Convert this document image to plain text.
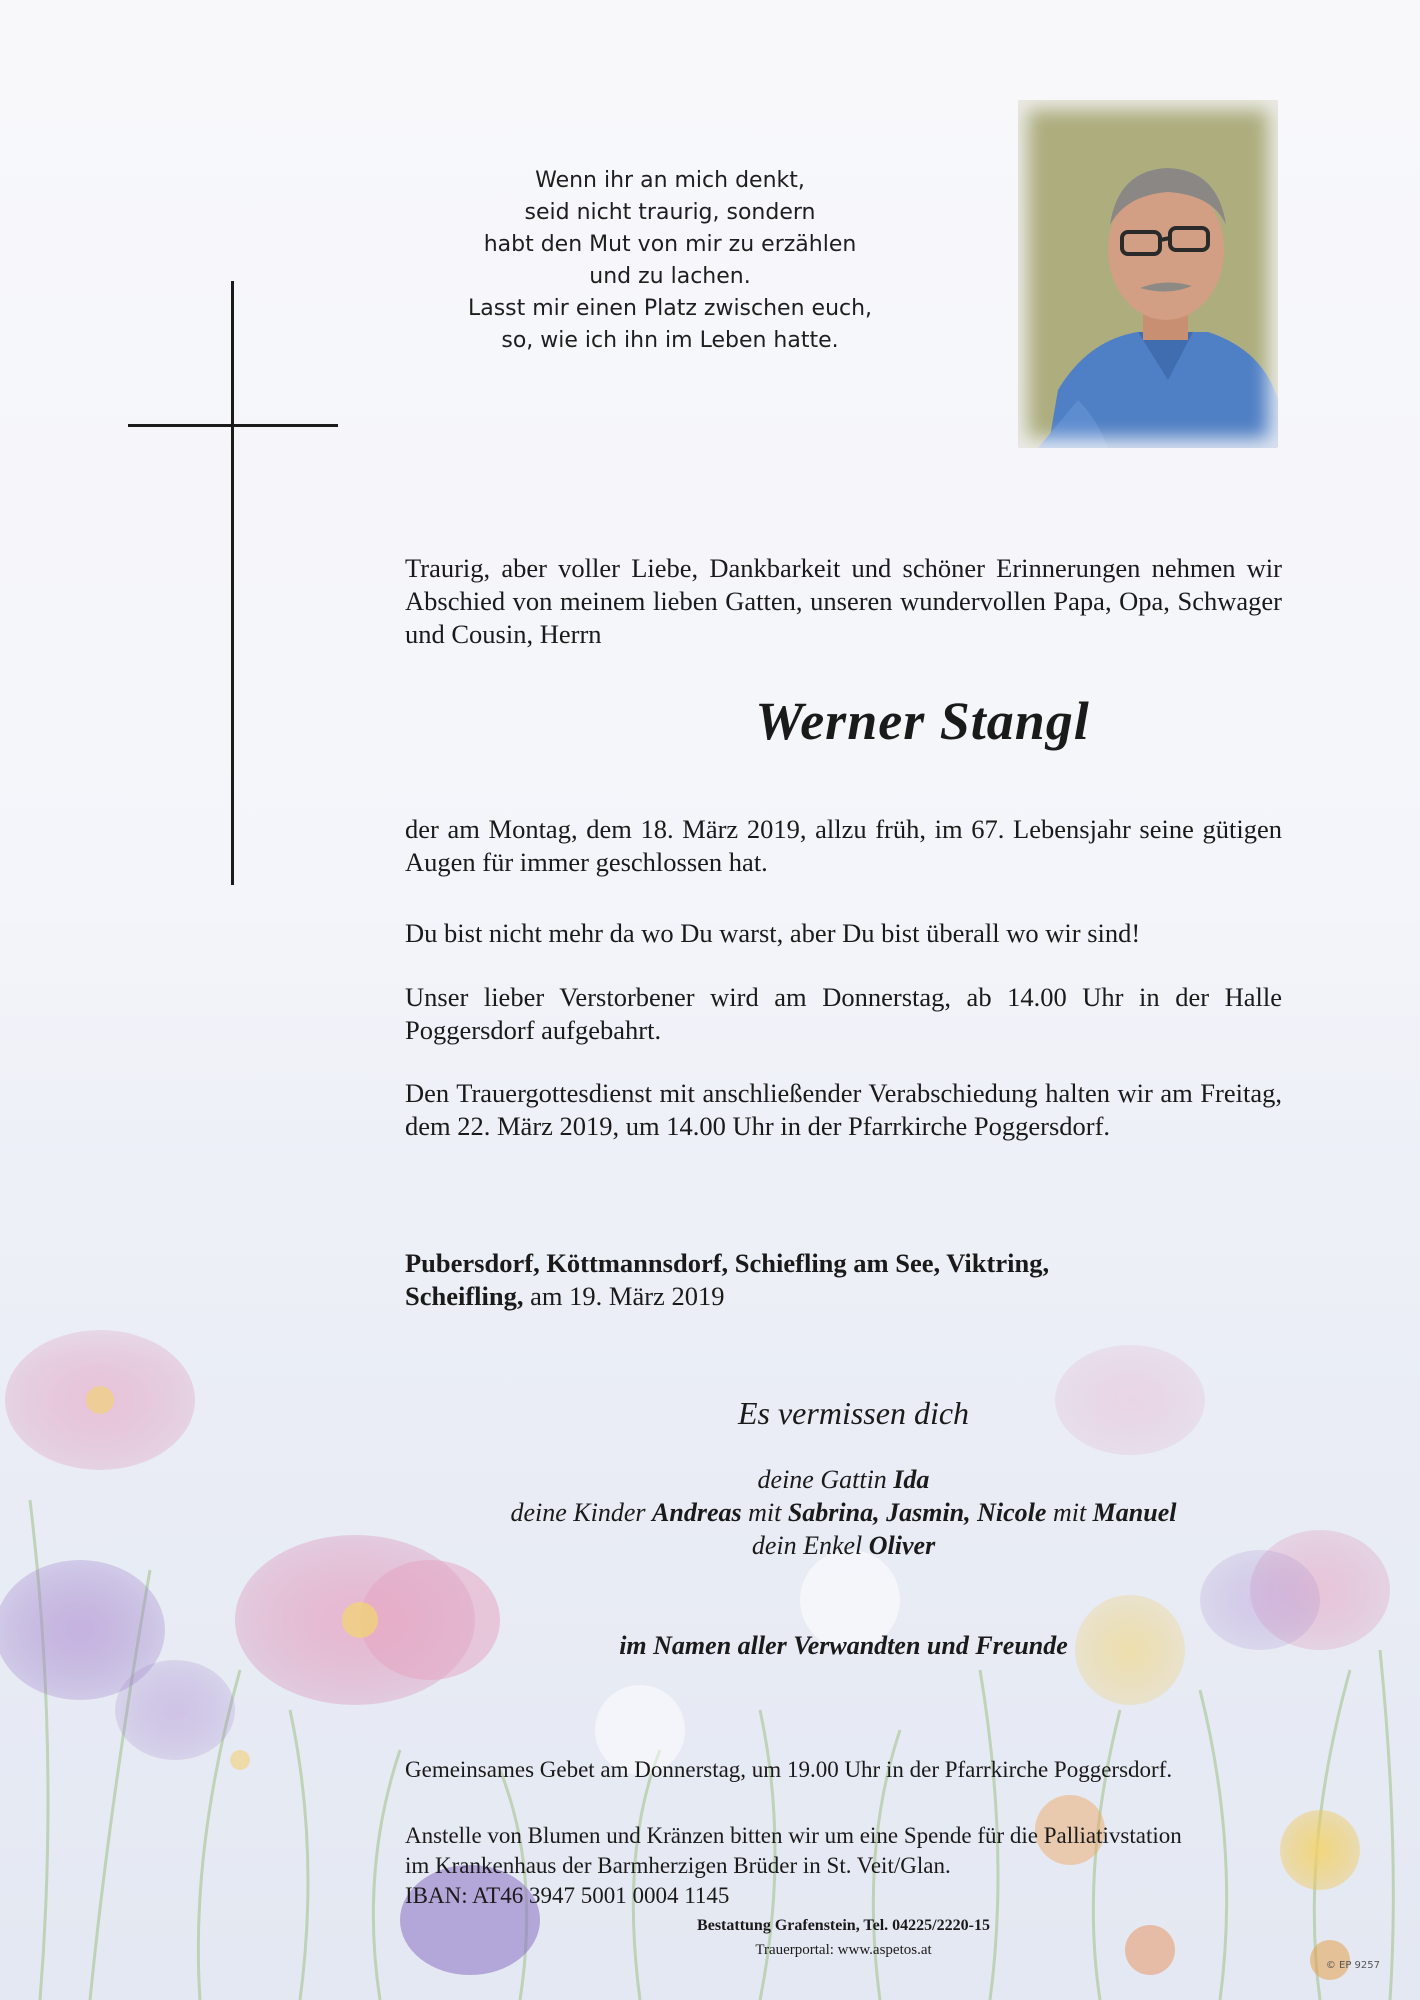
Wenn ihr an mich denkt,
seid nicht traurig, sondern
habt den Mut von mir zu erzählen
und zu lachen.
Lasst mir einen Platz zwischen euch,
so, wie ich ihn im Leben hatte.
Traurig, aber voller Liebe, Dankbarkeit und schöner Erinnerungen nehmen wir Abschied von meinem lieben Gatten, unseren wundervollen Papa, Opa, Schwager und Cousin, Herrn
Werner Stangl
der am Montag, dem 18. März 2019, allzu früh, im 67. Lebensjahr seine gütigen Augen für immer geschlossen hat.
Du bist nicht mehr da wo Du warst, aber Du bist überall wo wir sind!
Unser lieber Verstorbener wird am Donnerstag, ab 14.00 Uhr in der Halle Poggersdorf aufgebahrt.
Den Trauergottesdienst mit anschließender Verabschiedung halten wir am Freitag, dem 22. März 2019, um 14.00 Uhr in der Pfarrkirche Poggersdorf.
Pubersdorf, Köttmannsdorf, Schiefling am See, Viktring,
Scheifling, am 19. März 2019
Es vermissen dich
deine Gattin Ida
deine Kinder Andreas mit Sabrina, Jasmin, Nicole mit Manuel
dein Enkel Oliver
im Namen aller Verwandten und Freunde
Gemeinsames Gebet am Donnerstag, um 19.00 Uhr in der Pfarrkirche Poggersdorf.
Anstelle von Blumen und Kränzen bitten wir um eine Spende für die Palliativstation
im Krankenhaus der Barmherzigen Brüder in St. Veit/Glan.
IBAN: AT46 3947 5001 0004 1145
Bestattung Grafenstein, Tel. 04225/2220-15
Trauerportal: www.aspetos.at
© EP 9257
